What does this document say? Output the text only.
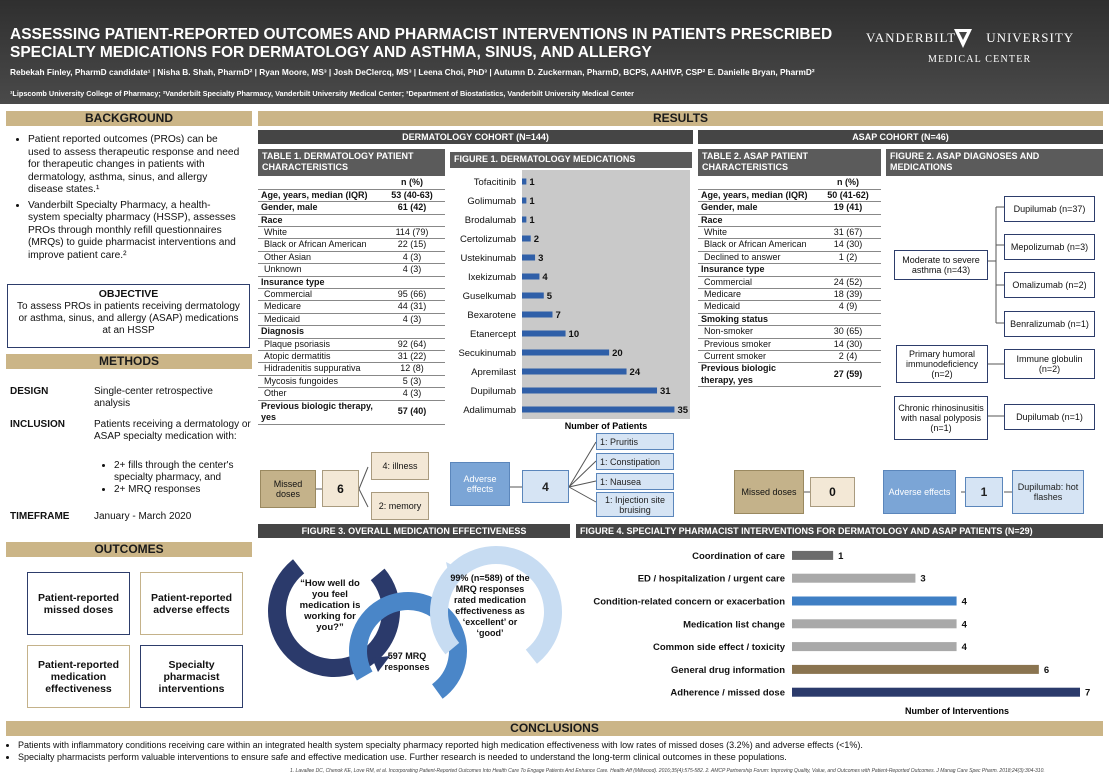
ASSESSING PATIENT-REPORTED OUTCOMES AND PHARMACIST INTERVENTIONS IN PATIENTS PRESCRIBED SPECIALTY MEDICATIONS FOR DERMATOLOGY AND ASTHMA, SINUS, AND ALLERGY
Rebekah Finley, PharmD candidate¹ | Nisha B. Shah, PharmD² | Ryan Moore, MS³ | Josh DeClercq, MS³ | Leena Choi, PhD³ | Autumn D. Zuckerman, PharmD, BCPS, AAHIVP, CSP² E. Danielle Bryan, PharmD²
¹Lipscomb University College of Pharmacy; ²Vanderbilt Specialty Pharmacy, Vanderbilt University Medical Center; ³Department of Biostatistics, Vanderbilt University Medical Center
VANDERBILT UNIVERSITY
MEDICAL CENTER
BACKGROUND
• Patient reported outcomes (PROs) can be used to assess therapeutic response and need for therapeutic changes in patients with dermatology, asthma, sinus, and allergy disease states.¹
• Vanderbilt Specialty Pharmacy, a health-system specialty pharmacy (HSSP), assesses PROs through monthly refill questionnaires (MRQs) to guide pharmacist interventions and improve patient care.²
OBJECTIVE
To assess PROs in patients receiving dermatology or asthma, sinus, and allergy (ASAP) medications at an HSSP
METHODS
DESIGN	Single-center retrospective analysis
INCLUSION	Patients receiving a dermatology or ASAP specialty medication with:
• 2+ fills through the center's specialty pharmacy, and
• 2+ MRQ responses
TIMEFRAME January - March 2020
OUTCOMES
Patient-reported missed doses
Patient-reported adverse effects
Patient-reported medication effectiveness
Specialty pharmacist interventions
RESULTS
DERMATOLOGY COHORT (N=144)	ASAP COHORT (N=46)
TABLE 1. DERMATOLOGY PATIENT CHARACTERISTICS
	n (%)
Age, years, median (IQR)	53 (40-63)
Gender, male	61 (42)
Race	
White	114 (79)
Black or African American	22 (15)
Other Asian	4 (3)
Unknown	4 (3)
Insurance type	
Commercial	95 (66)
Medicare	44 (31)
Medicaid	4 (3)
Diagnosis	
Plaque psoriasis	92 (64)
Atopic dermatitis	31 (22)
Hidradenitis suppurativa	12 (8)
Mycosis fungoides	5 (3)
Other	4 (3)
Previous biologic therapy, yes	57 (40)
FIGURE 1. DERMATOLOGY MEDICATIONS
Tofacitinib 1
Golimumab 1
Brodalumab 1
Certolizumab 2
Ustekinumab 3
Ixekizumab	4
Guselkumab	5
Bexarotene	7
Etanercept	10
Secukinumab	20
Apremilast	24
Dupilumab	31
Adalimumab	35
Number of Patients
TABLE 2. ASAP PATIENT CHARACTERISTICS
	n (%)
Age, years, median (IQR)	50 (41-62)
Gender, male	19 (41)
Race	
White	31 (67)
Black or African American	14 (30)
Declined to answer	1 (2)
Insurance type	
Commercial	24 (52)
Medicare	18 (39)
Medicaid	4 (9)
Smoking status	
Non-smoker	30 (65)
Previous smoker	14 (30)
Current smoker	2 (4)
Previous biologic therapy, yes	27 (59)
FIGURE 2. ASAP DIAGNOSES AND MEDICATIONS
Moderate to severe asthma (n=43)
Dupilumab (n=37)
Mepolizumab (n=3)
Omalizumab (n=2)
Benralizumab (n=1)
Primary humoral immunodeficiency (n=2)
Immune globulin (n=2)
Chronic rhinosinusitis with nasal polyposis (n=1)
Dupilumab (n=1)
Missed doses	6
4: illness
2: memory
Adverse effects	4
1: Pruritis
1: Constipation
1: Nausea
1: Injection site bruising
Missed doses	0	Adverse effects	1	Dupilumab: hot flashes
FIGURE 3. OVERALL MEDICATION EFFECTIVENESS
“How well do you feel medication is working for you?”
597 MRQ responses
99% (n=589) of the MRQ responses rated medication effectiveness as ‘excellent’ or ‘good’
FIGURE 4. SPECIALTY PHARMACIST INTERVENTIONS FOR DERMATOLOGY AND ASAP PATIENTS (N=29)
Coordination of care	1
ED / hospitalization / urgent care	3
Condition-related concern or exacerbation	4
Medication list change	4
Common side effect / toxicity	4
General drug information	6
Adherence / missed dose	7
Number of Interventions
CONCLUSIONS
• Patients with inflammatory conditions receiving care within an integrated health system specialty pharmacy reported high medication effectiveness with low rates of missed doses (3.2%) and adverse effects (<1%).
• Specialty pharmacists perform valuable interventions to ensure safe and effective medication use. Further research is needed to understand the long-term clinical outcomes in these populations.
1. Lavallee DC, Chenok KE, Love RM, et al. Incorporating Patient-Reported Outcomes Into Health Care To Engage Patients And Enhance Care. Health Aff (Millwood). 2016;35(4):575-582. 2. AMCP Partnership Forum: Improving Quality, Value, and Outcomes with Patient-Reported Outcomes. J Manag Care Spec Pharm. 2018;24(3):304-310.
